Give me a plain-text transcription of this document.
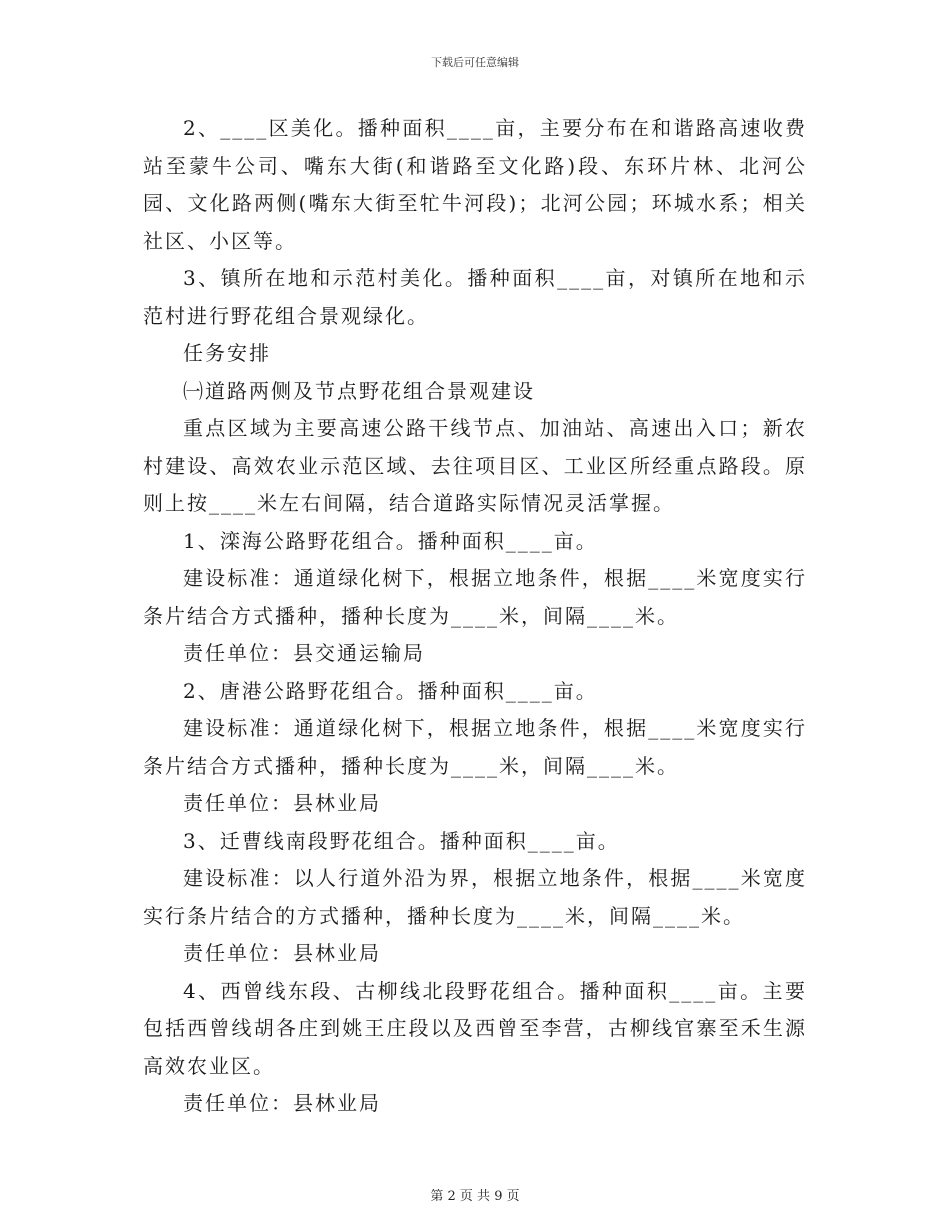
下载后可任意编辑

2、____区美化。播种面积____亩，主要分布在和谐路高速收费站至蒙牛公司、嘴东大街(和谐路至文化路)段、东环片林、北河公园、文化路两侧(嘴东大街至牤牛河段)；北河公园；环城水系；相关社区、小区等。

3、镇所在地和示范村美化。播种面积____亩，对镇所在地和示范村进行野花组合景观绿化。

任务安排

㈠道路两侧及节点野花组合景观建设

重点区域为主要高速公路干线节点、加油站、高速出入口；新农村建设、高效农业示范区域、去往项目区、工业区所经重点路段。原则上按____米左右间隔，结合道路实际情况灵活掌握。

1、滦海公路野花组合。播种面积____亩。

建设标准：通道绿化树下，根据立地条件，根据____米宽度实行条片结合方式播种，播种长度为____米，间隔____米。

责任单位：县交通运输局

2、唐港公路野花组合。播种面积____亩。

建设标准：通道绿化树下，根据立地条件，根据____米宽度实行条片结合方式播种，播种长度为____米，间隔____米。

责任单位：县林业局

3、迁曹线南段野花组合。播种面积____亩。

建设标准：以人行道外沿为界，根据立地条件，根据____米宽度实行条片结合的方式播种，播种长度为____米，间隔____米。

责任单位：县林业局

4、西曾线东段、古柳线北段野花组合。播种面积____亩。主要包括西曾线胡各庄到姚王庄段以及西曾至李营，古柳线官寨至禾生源高效农业区。

责任单位：县林业局

第 2 页 共 9 页
